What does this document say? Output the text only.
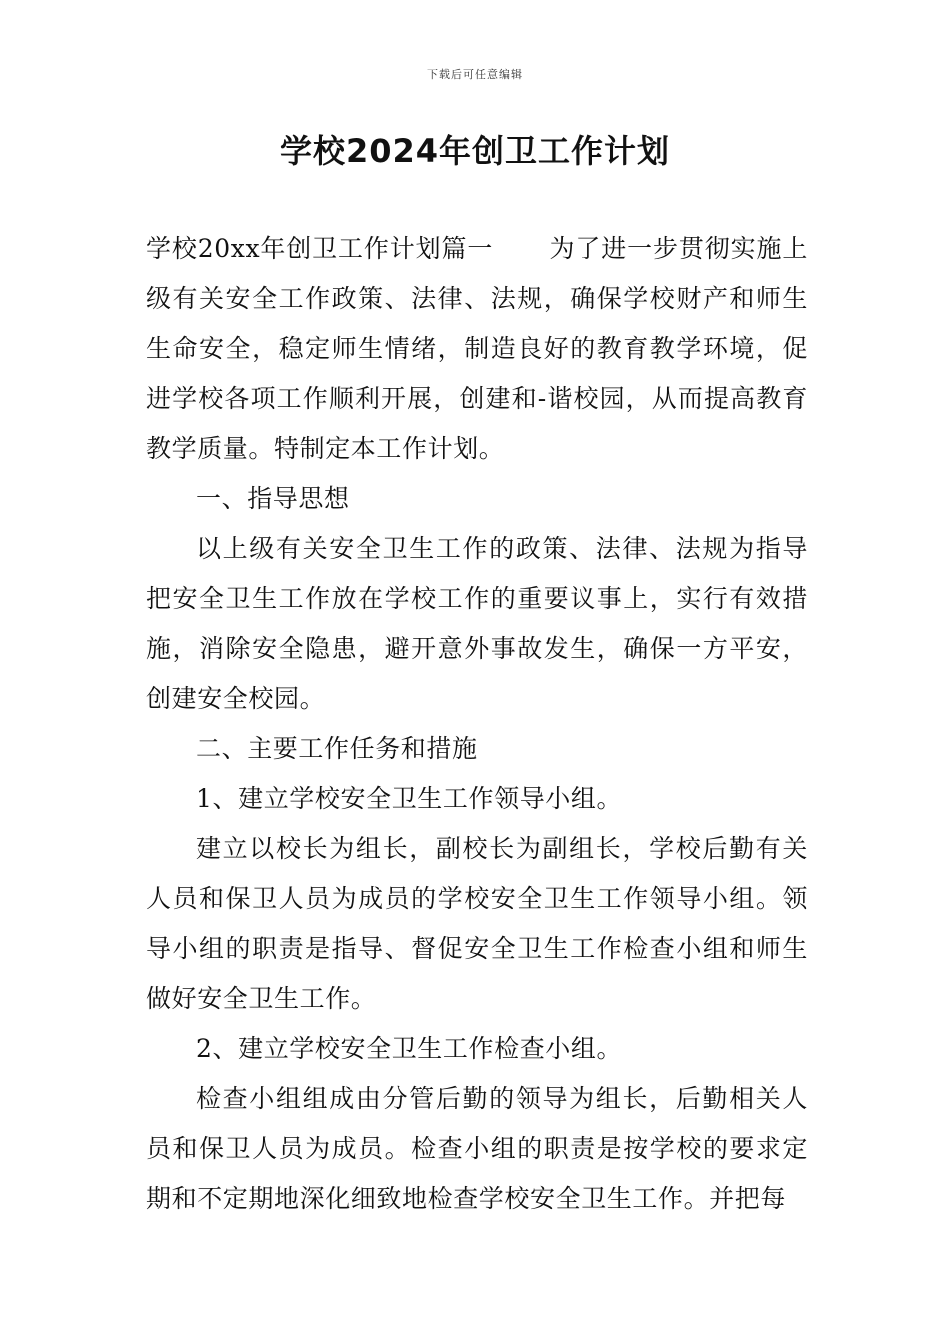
下载后可任意编辑
学校2024年创卫工作计划

学校20xx年创卫工作计划篇一 为了进一步贯彻实施上级有关安全工作政策、法律、法规，确保学校财产和师生生命安全，稳定师生情绪，制造良好的教育教学环境，促进学校各项工作顺利开展，创建和-谐校园，从而提高教育教学质量。特制定本工作计划。

一、指导思想

以上级有关安全卫生工作的政策、法律、法规为指导把安全卫生工作放在学校工作的重要议事上，实行有效措施，消除安全隐患，避开意外事故发生，确保一方平安，创建安全校园。

二、主要工作任务和措施

1、建立学校安全卫生工作领导小组。

建立以校长为组长，副校长为副组长，学校后勤有关人员和保卫人员为成员的学校安全卫生工作领导小组。领导小组的职责是指导、督促安全卫生工作检查小组和师生做好安全卫生工作。

2、建立学校安全卫生工作检查小组。

检查小组组成由分管后勤的领导为组长，后勤相关人员和保卫人员为成员。检查小组的职责是按学校的要求定期和不定期地深化细致地检查学校安全卫生工作。并把每
